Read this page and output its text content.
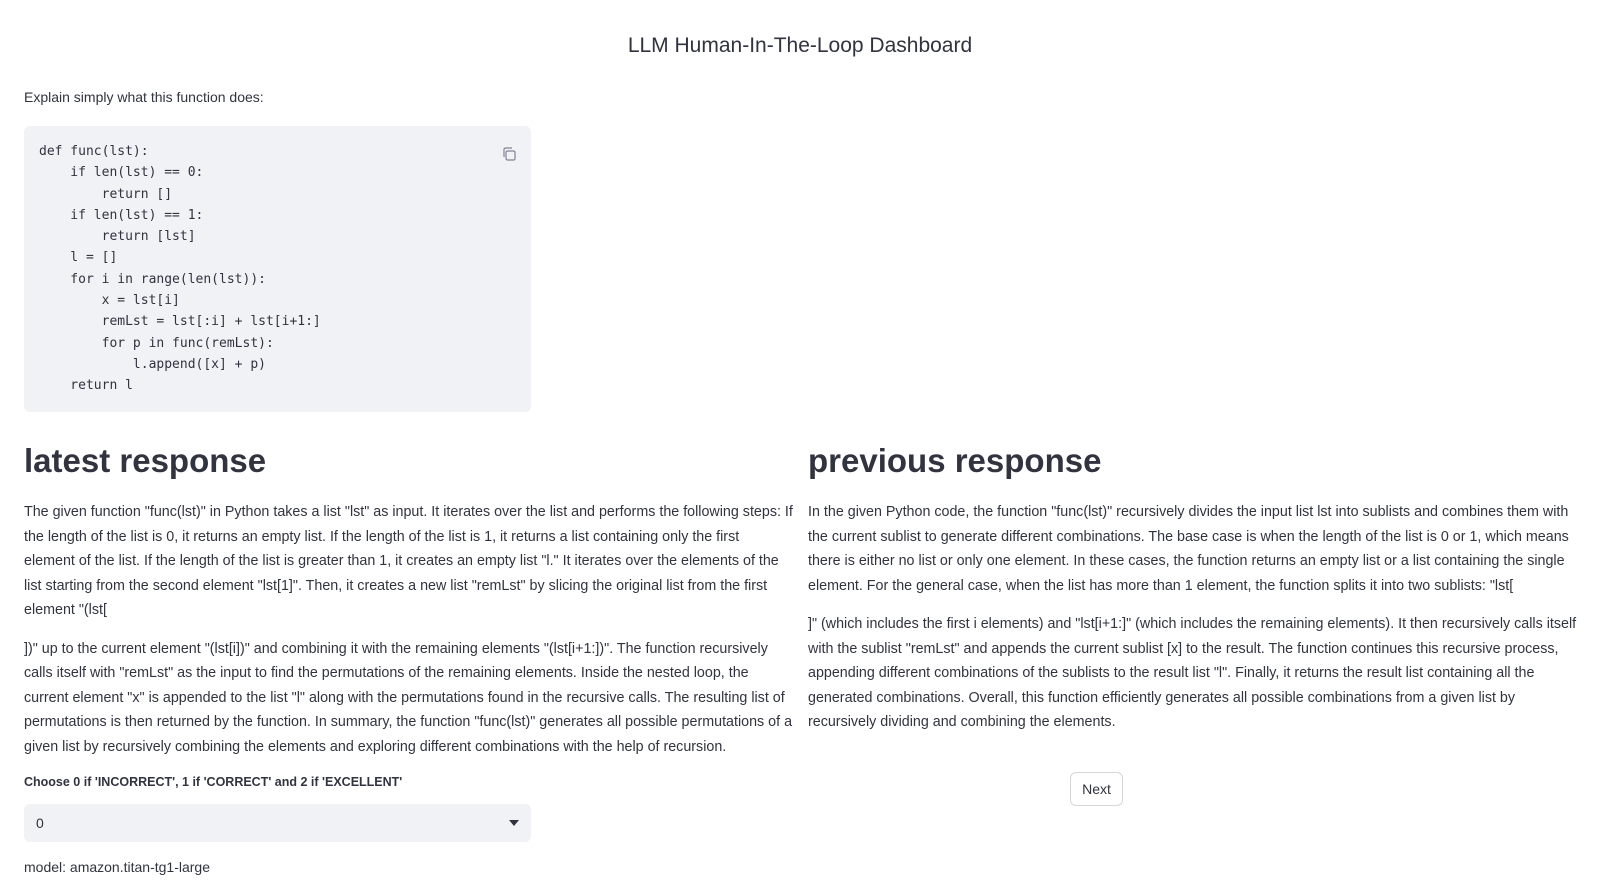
LLM Human-In-The-Loop Dashboard
Explain simply what this function does:
def func(lst):
if len(lst) == 0:
return []
if len(lst) == 1:
return [lst]
l = []
for i in range(len(lst)):
x = lst[i]
remLst = lst[:i] + lst[i+1:]
for p in func(remLst):
l.append([x] + p)
return l
latest response

The given function "func(lst)" in Python takes a list "lst" as input. It iterates over the list and performs the following steps: If the length of the list is 0, it returns an empty list. If the length of the list is 1, it returns a list containing only the first element of the list. If the length of the list is greater than 1, it creates an empty list "l." It iterates over the elements of the list starting from the second element "lst[1]". Then, it creates a new list "remLst" by slicing the original list from the first element "(lst[

])" up to the current element "(lst[i])" and combining it with the remaining elements "(lst[i+1:])". The function recursively calls itself with "remLst" as the input to find the permutations of the remaining elements. Inside the nested loop, the current element "x" is appended to the list "l" along with the permutations found in the recursive calls. The resulting list of permutations is then returned by the function. In summary, the function "func(lst)" generates all possible permutations of a given list by recursively combining the elements and exploring different combinations with the help of recursion.

previous response

In the given Python code, the function "func(lst)" recursively divides the input list lst into sublists and combines them with the current sublist to generate different combinations. The base case is when the length of the list is 0 or 1, which means there is either no list or only one element. In these cases, the function returns an empty list or a list containing the single element. For the general case, when the list has more than 1 element, the function splits it into two sublists: "lst[

]" (which includes the first i elements) and "lst[i+1:]" (which includes the remaining elements). It then recursively calls itself with the sublist "remLst" and appends the current sublist [x] to the result. The function continues this recursive process, appending different combinations of the sublists to the result list "l". Finally, it returns the result list containing all the generated combinations. Overall, this function efficiently generates all possible combinations from a given list by recursively dividing and combining the elements.

Choose 0 if 'INCORRECT', 1 if 'CORRECT' and 2 if 'EXCELLENT'
0
model: amazon.titan-tg1-large
Next
